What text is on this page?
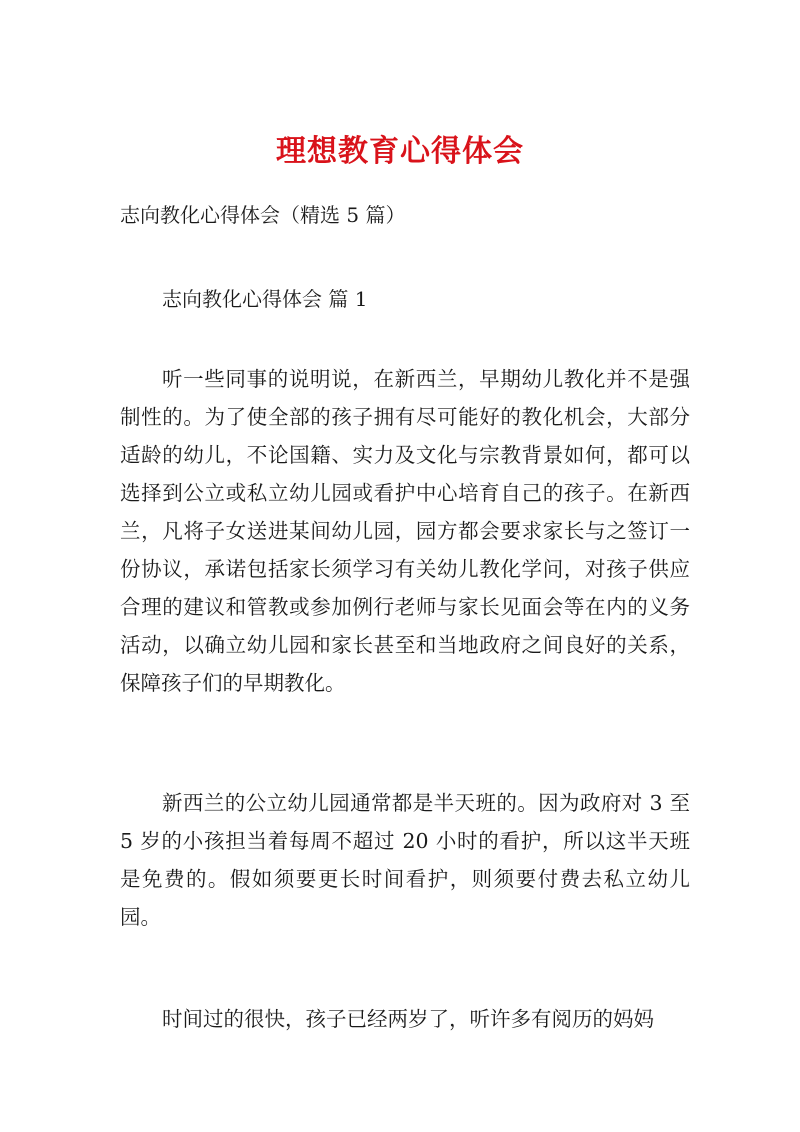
理想教育心得体会
志向教化心得体会（精选 5 篇）
志向教化心得体会 篇 1

听一些同事的说明说，在新西兰，早期幼儿教化并不是强制性的。为了使全部的孩子拥有尽可能好的教化机会，大部分适龄的幼儿，不论国籍、实力及文化与宗教背景如何，都可以选择到公立或私立幼儿园或看护中心培育自己的孩子。在新西兰，凡将子女送进某间幼儿园，园方都会要求家长与之签订一份协议，承诺包括家长须学习有关幼儿教化学问，对孩子供应合理的建议和管教或参加例行老师与家长见面会等在内的义务活动，以确立幼儿园和家长甚至和当地政府之间良好的关系，保障孩子们的早期教化。

新西兰的公立幼儿园通常都是半天班的。因为政府对 3 至 5 岁的小孩担当着每周不超过 20 小时的看护，所以这半天班是免费的。假如须要更长时间看护，则须要付费去私立幼儿园。

时间过的很快，孩子已经两岁了，听许多有阅历的妈妈
